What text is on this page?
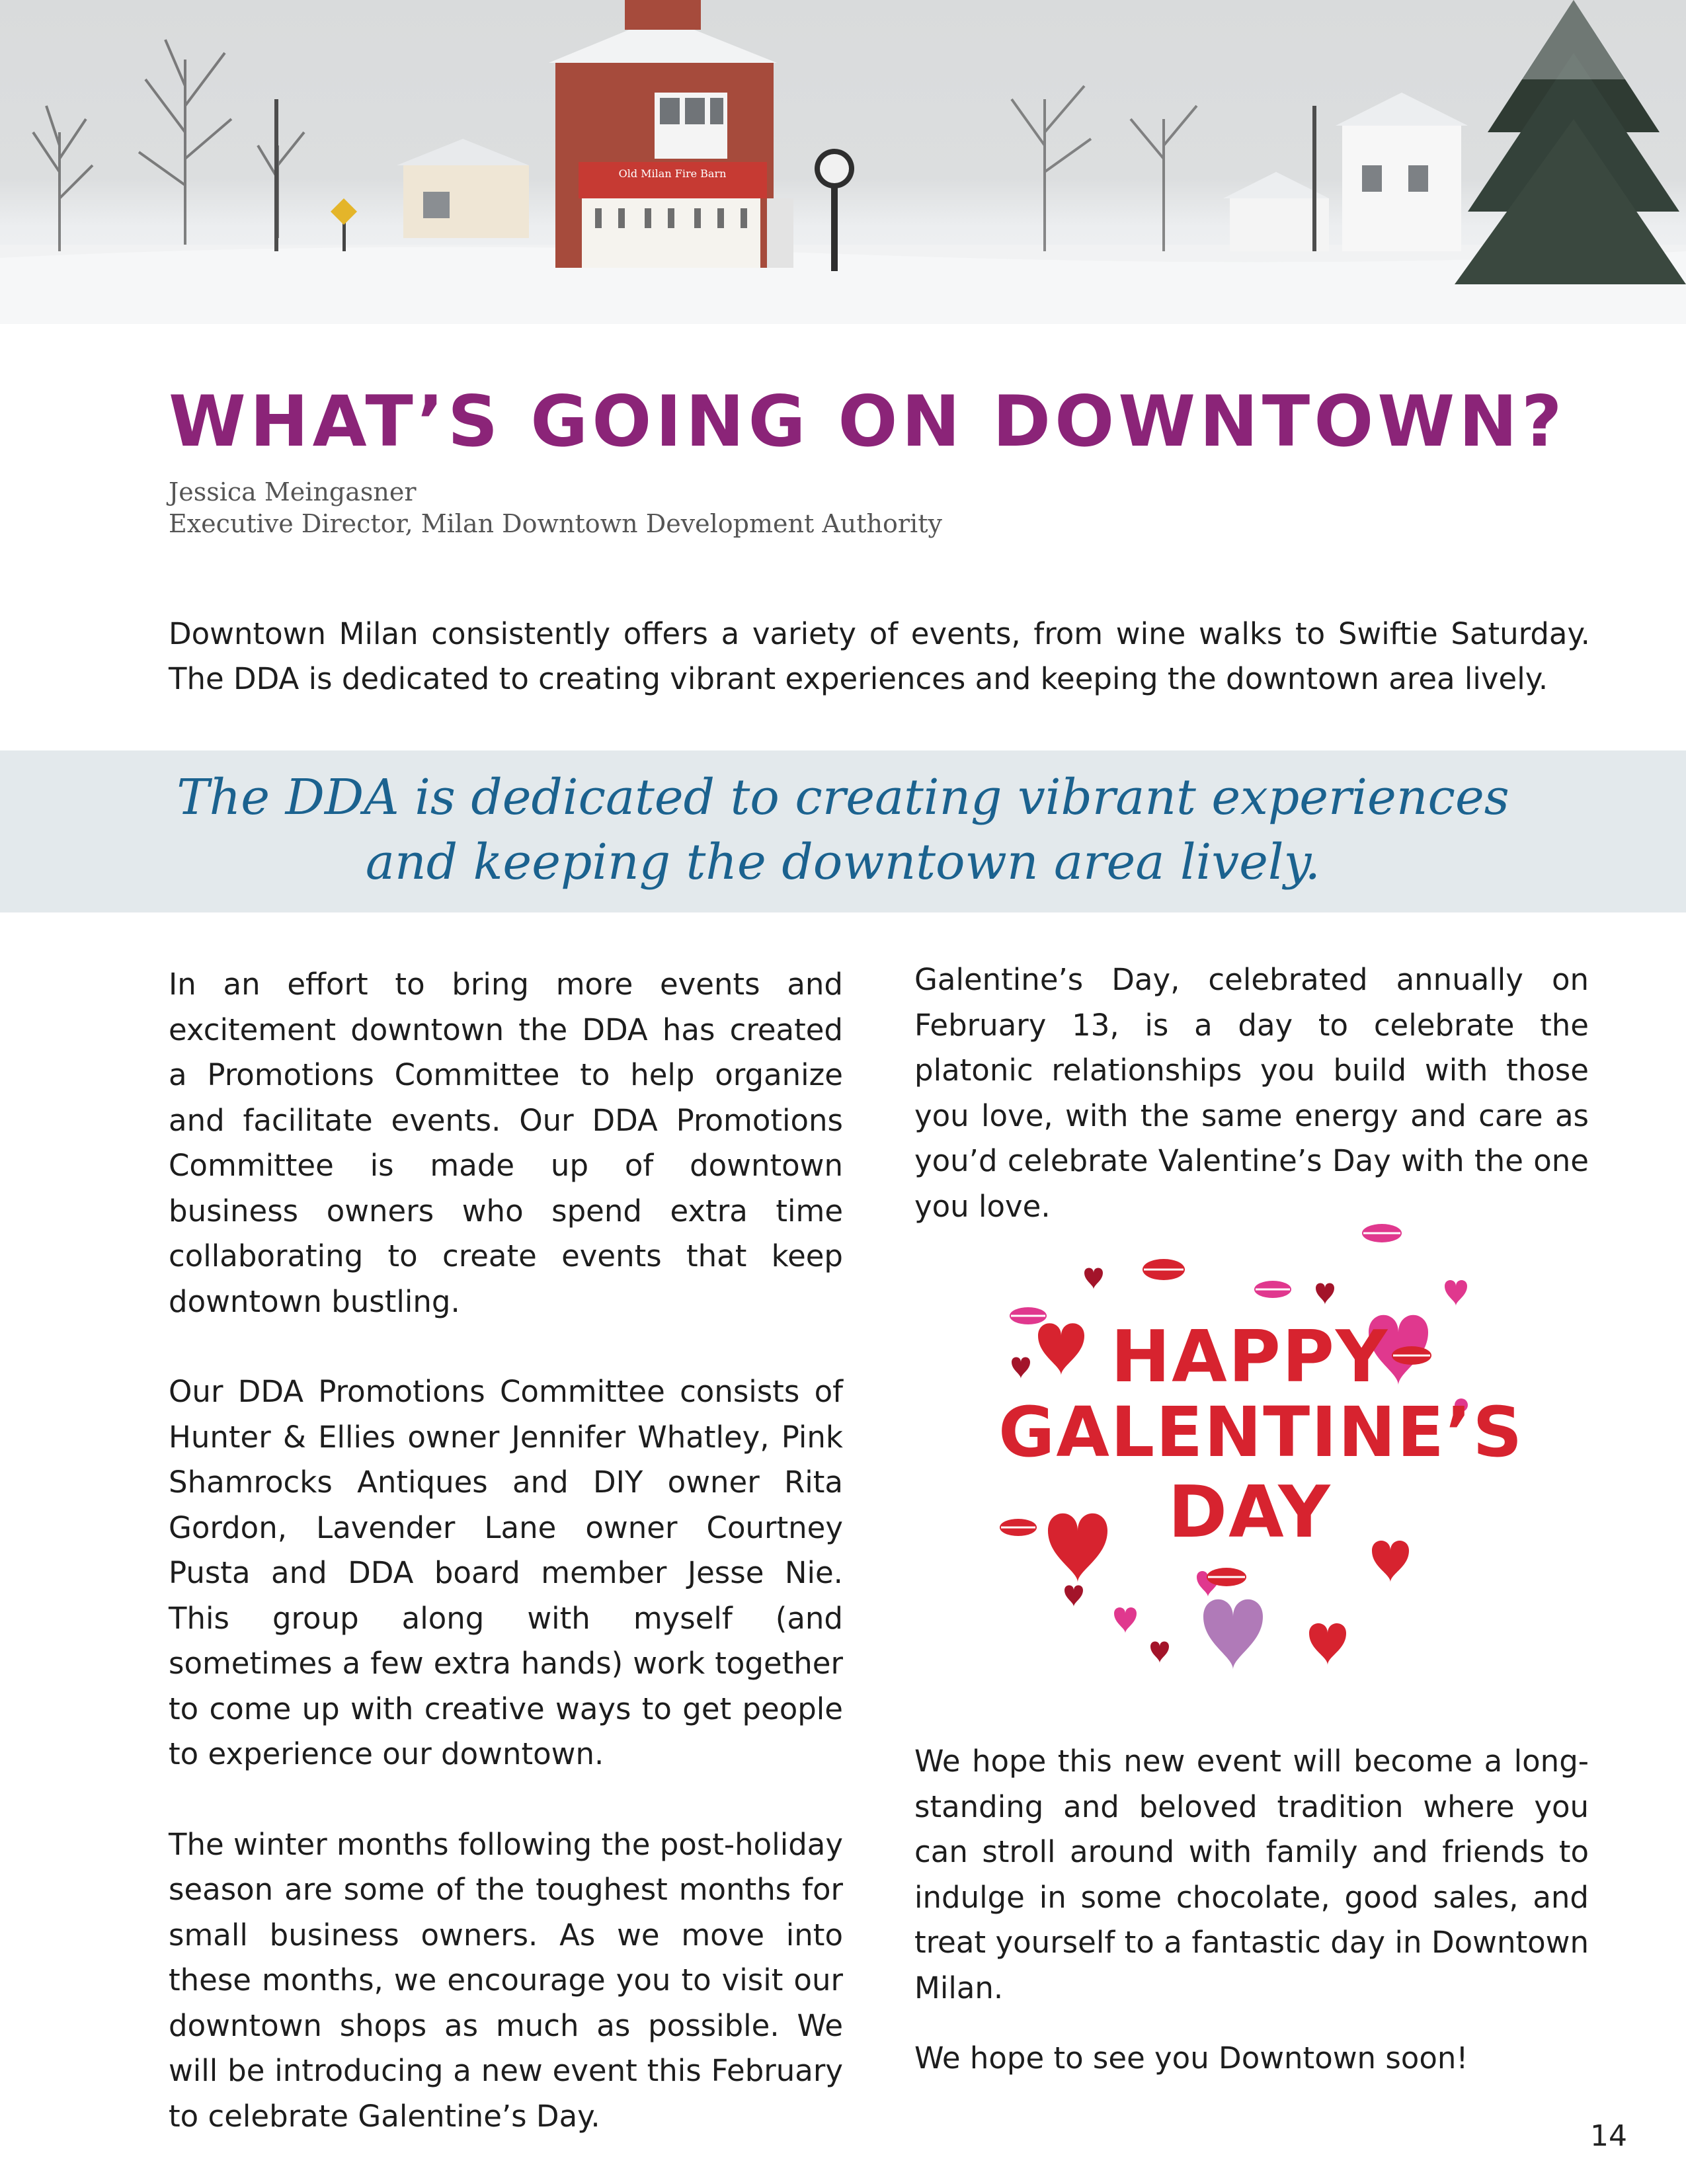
Old Milan Fire Barn
WHAT’S GOING ON DOWNTOWN?
Jessica Meingasner
Executive Director, Milan Downtown Development Authority

Downtown Milan consistently offers a variety of events, from wine walks to Swiftie Saturday. The DDA is dedicated to creating vibrant experiences and keeping the downtown area lively.

The DDA is dedicated to creating vibrant experiences and keeping the downtown area lively.

In an effort to bring more events and excitement downtown the DDA has created a Promotions Committee to help organize and facilitate events. Our DDA Promotions Committee is made up of downtown business owners who spend extra time collaborating to create events that keep downtown bustling.

Our DDA Promotions Committee consists of Hunter & Ellies owner Jennifer Whatley, Pink Shamrocks Antiques and DIY owner Rita Gordon, Lavender Lane owner Courtney Pusta and DDA board member Jesse Nie. This group along with myself (and sometimes a few extra hands) work together to come up with creative ways to get people to experience our downtown.

The winter months following the post-holiday season are some of the toughest months for small business owners. As we move into these months, we encourage you to visit our downtown shops as much as possible. We will be introducing a new event this February to celebrate Galentine’s Day.

Galentine’s Day, celebrated annually on February 13, is a day to celebrate the platonic relationships you build with those you love, with the same energy and care as you’d celebrate Valentine’s Day with the one you love.

HAPPY
GALENTINE’S
DAY

We hope this new event will become a long-standing and beloved tradition where you can stroll around with family and friends to indulge in some chocolate, good sales, and treat yourself to a fantastic day in Downtown Milan.

We hope to see you Downtown soon!

14
